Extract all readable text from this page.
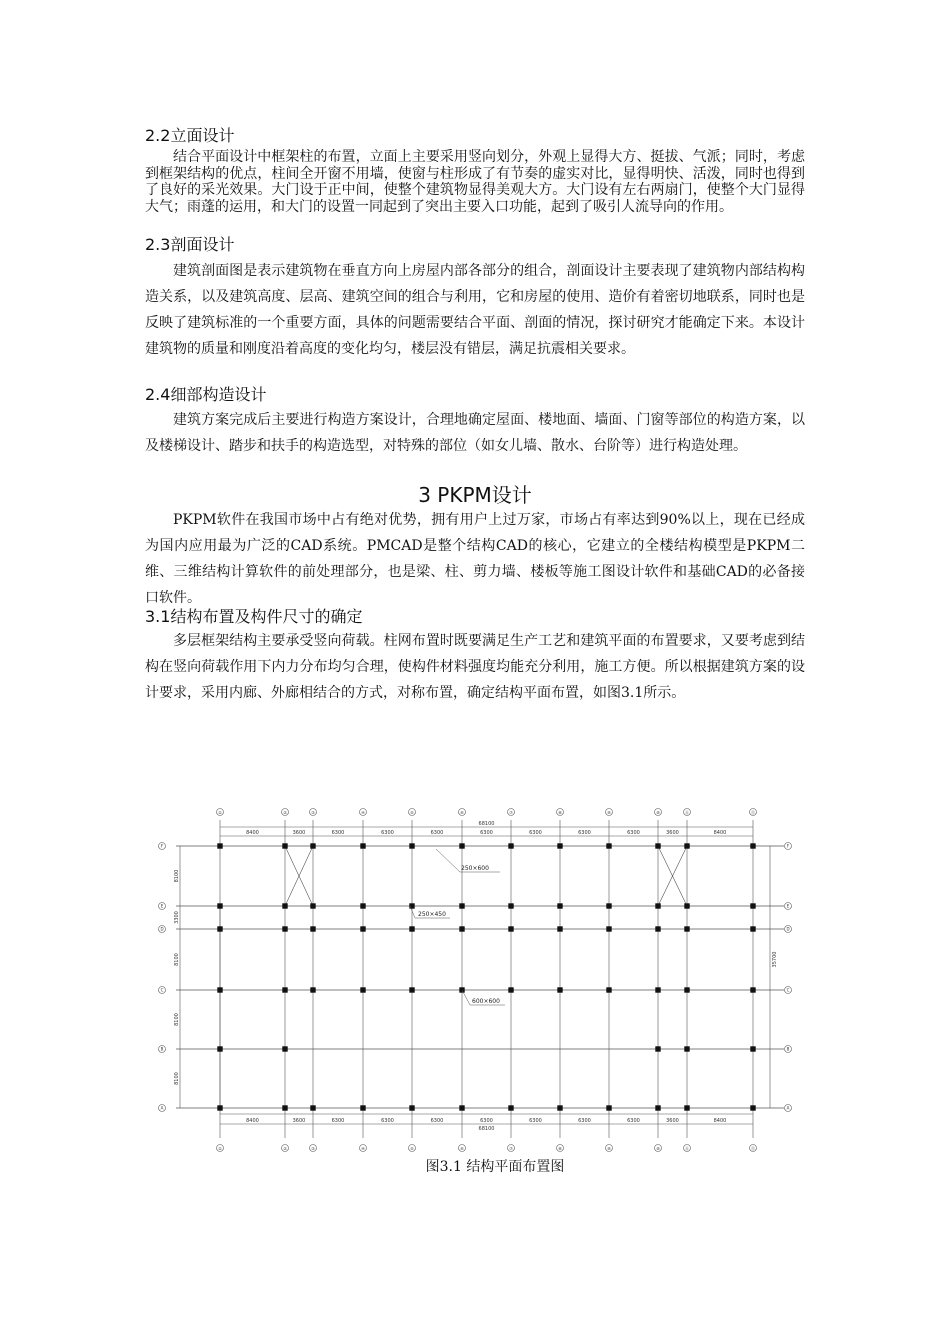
2.2立面设计

结合平面设计中框架柱的布置，立面上主要采用竖向划分，外观上显得大方、挺拔、气派；同时，考虑到框架结构的优点，柱间全开窗不用墙，使窗与柱形成了有节奏的虚实对比，显得明快、活泼，同时也得到了良好的采光效果。大门设于正中间，使整个建筑物显得美观大方。大门设有左右两扇门，使整个大门显得大气；雨蓬的运用，和大门的设置一同起到了突出主要入口功能，起到了吸引人流导向的作用。

2.3剖面设计

建筑剖面图是表示建筑物在垂直方向上房屋内部各部分的组合，剖面设计主要表现了建筑物内部结构构造关系，以及建筑高度、层高、建筑空间的组合与利用，它和房屋的使用、造价有着密切地联系，同时也是反映了建筑标准的一个重要方面，具体的问题需要结合平面、剖面的情况，探讨研究才能确定下来。本设计建筑物的质量和刚度沿着高度的变化均匀，楼层没有错层，满足抗震相关要求。

2.4细部构造设计

建筑方案完成后主要进行构造方案设计，合理地确定屋面、楼地面、墙面、门窗等部位的构造方案，以及楼梯设计、踏步和扶手的构造选型，对特殊的部位（如女儿墙、散水、台阶等）进行构造处理。

3 PKPM设计

PKPM软件在我国市场中占有绝对优势，拥有用户上过万家，市场占有率达到90%以上，现在已经成为国内应用最为广泛的CAD系统。PMCAD是整个结构CAD的核心，它建立的全楼结构模型是PKPM二维、三维结构计算软件的前处理部分，也是梁、柱、剪力墙、楼板等施工图设计软件和基础CAD的必备接口软件。

3.1结构布置及构件尺寸的确定

多层框架结构主要承受竖向荷载。柱网布置时既要满足生产工艺和建筑平面的布置要求，又要考虑到结构在竖向荷载作用下内力分布均匀合理，使构件材料强度均能充分利用，施工方便。所以根据建筑方案的设计要求，采用内廊、外廊相结合的方式，对称布置，确定结构平面布置，如图3.1所示。

8400
8400
3600
3600
6300
6300
6300
6300
6300
6300
6300
6300
6300
6300
6300
6300
6300
6300
3600
3600
8400
8400
68100
68100
8100
3300
8100
8100
8100
35700
①
①
②
②
③
③
④
④
⑤
⑤
⑥
⑥
⑦
⑦
⑧
⑧
⑨
⑨
⑩
⑩
⑪
⑪
⑫
⑫
F	F
E	E
D	D
C	C
B	B
A	A
250×600
250×450
600×600
图3.1 结构平面布置图
